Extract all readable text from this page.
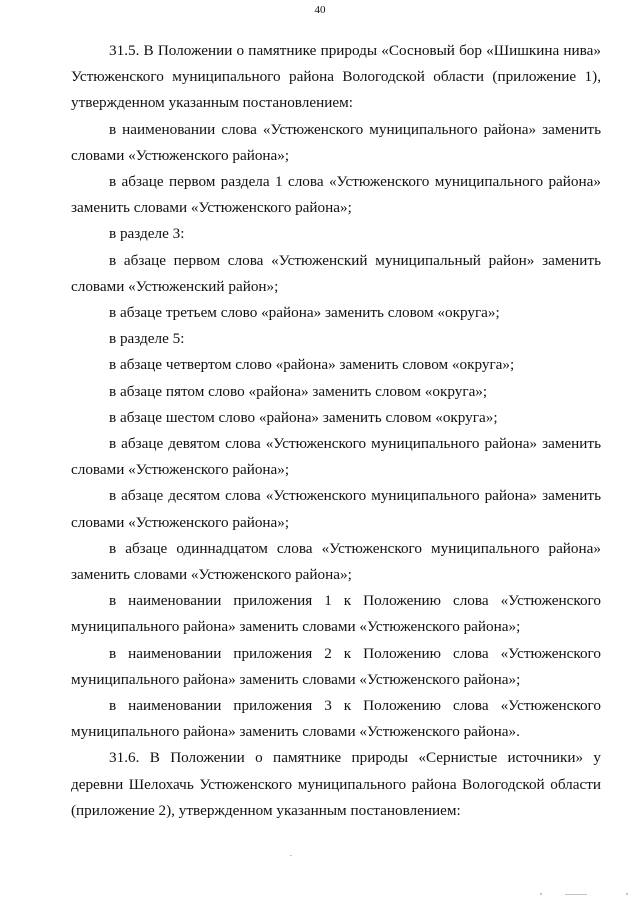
40

31.5. В Положении о памятнике природы «Сосновый бор «Шишкина нива» Устюженского муниципального района Вологодской области (приложение 1), утвержденном указанным постановлением:

в наименовании слова «Устюженского муниципального района» заменить словами «Устюженского района»;

в абзаце первом раздела 1 слова «Устюженского муниципального района» заменить словами «Устюженского района»;

в разделе 3:

в абзаце первом слова «Устюженский муниципальный район» заменить словами «Устюженский район»;

в абзаце третьем слово «района» заменить словом «округа»;

в разделе 5:

в абзаце четвертом слово «района» заменить словом «округа»;

в абзаце пятом слово «района» заменить словом «округа»;

в абзаце шестом слово «района» заменить словом «округа»;

в абзаце девятом слова «Устюженского муниципального района» заменить словами «Устюженского района»;

в абзаце десятом слова «Устюженского муниципального района» заменить словами «Устюженского района»;

в абзаце одиннадцатом слова «Устюженского муниципального района» заменить словами «Устюженского района»;

в наименовании приложения 1 к Положению слова «Устюженского муниципального района» заменить словами «Устюженского района»;

в наименовании приложения 2 к Положению слова «Устюженского муниципального района» заменить словами «Устюженского района»;

в наименовании приложения 3 к Положению слова «Устюженского муниципального района» заменить словами «Устюженского района».

31.6. В Положении о памятнике природы «Сернистые источники» у деревни Шелохачь Устюженского муниципального района Вологодской области (приложение 2), утвержденном указанным постановлением:
